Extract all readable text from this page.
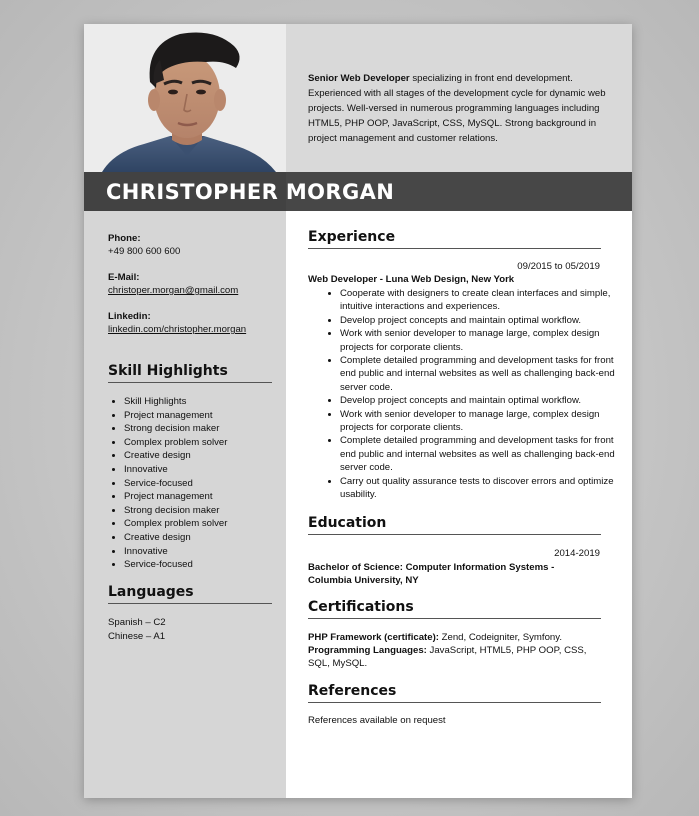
Senior Web Developer specializing in front end development. Experienced with all stages of the development cycle for dynamic web projects. Well-versed in numerous programming languages including HTML5, PHP OOP, JavaScript, CSS, MySQL. Strong background in project management and customer relations.
CHRISTOPHER MORGAN
Phone:
+49 800 600 600
E-Mail:
christoper.morgan@gmail.com
Linkedin:
linkedin.com/christopher.morgan
Skill Highlights
• Skill Highlights
• Project management
• Strong decision maker
• Complex problem solver
• Creative design
• Innovative
• Service-focused
• Project management
• Strong decision maker
• Complex problem solver
• Creative design
• Innovative
• Service-focused
Languages
Spanish – C2
Chinese – A1
Experience
09/2015 to 05/2019
Web Developer - Luna Web Design, New York
• Cooperate with designers to create clean interfaces and simple, intuitive interactions and experiences.
• Develop project concepts and maintain optimal workflow.
• Work with senior developer to manage large, complex design projects for corporate clients.
• Complete detailed programming and development tasks for front end public and internal websites as well as challenging back-end server code.
• Develop project concepts and maintain optimal workflow.
• Work with senior developer to manage large, complex design projects for corporate clients.
• Complete detailed programming and development tasks for front end public and internal websites as well as challenging back-end server code.
• Carry out quality assurance tests to discover errors and optimize usability.
Education
2014-2019
Bachelor of Science: Computer Information Systems - Columbia University, NY
Certifications
PHP Framework (certificate): Zend, Codeigniter, Symfony.
Programming Languages: JavaScript, HTML5, PHP OOP, CSS, SQL, MySQL.
References
References available on request
